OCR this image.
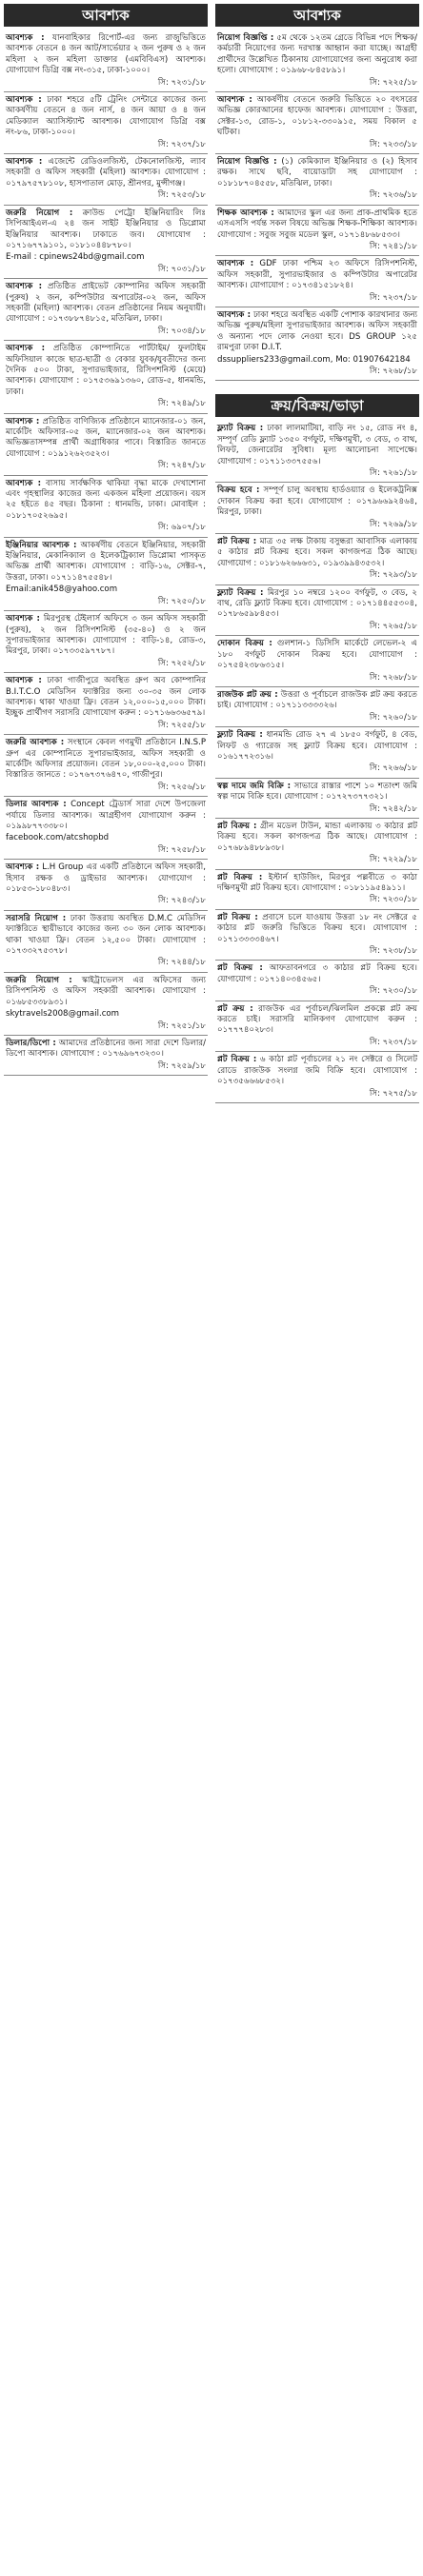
আবশ্যক
আবশ্যক : যানবাহিকার রিপোর্ট-এর জন্য রাজুভিত্তিতে আবশ্যক বেতনে ৪ জন আট/সার্ভেয়ার ২ জন পুরুষ ও ২ জন মহিলা ২ জন মহিলা ডাক্তার (এমবিবিএস) আবশ্যক। যোগাযোগ ডিগ্রি বক্স নং-৩১৫, ঢাকা-১০০০।
সি: ৭২৩১/১৮
আবশ্যক : ঢাকা শহরে ৫টি ট্রেনিং সেন্টারে কাজের জন্য আকর্ষণীয় বেতনে ৪ জন নার্স, ৪ জন আয়া ও ৪ জন মেডিক্যাল অ্যাসিস্ট্যান্ট আবশ্যক। যোগাযোগ ডিগ্রি বক্স নং-৮৬, ঢাকা-১০০০।
সি: ৭২৩৭/১৮
আবশ্যক : এজেন্টে রেডিওলজিস্ট, টেকনোলজিস্ট, ল্যাব সহকারী ও অফিস সহকারী (মহিলা) আবশ্যক। যোগাযোগ : ০১৭৯৭৫৭৮১০৮, হাসপাতাল মোড়, শ্রীনগর, মুন্সীগঞ্জ।
সি: ৭২৫৩/১৮
জরুরি নিয়োগ : ক্রাউন্ড পেট্রো ইঞ্জিনিয়ারিং লিঃ সিপিআইএল-এ ২৪ জন সাইট ইঞ্জিনিয়ার ও ডিপ্লোমা ইঞ্জিনিয়ার আবশ্যক। ঢাকাতে জব। যোগাযোগ : ০১৭১৬৭৭৯১০১, ০১৮১০৪৪৮৭৮০।
E-mail : cpinews24bd@gmail.com
সি: ৭০৩১/১৮
আবশ্যক : প্রতিষ্ঠিত প্রাইভেট কোম্পানির অফিস সহকারী (পুরুষ) ২ জন, কম্পিউটার অপারেটর-০২ জন, অফিস সহকারী (মহিলা) আবশ্যক। বেতন প্রতিষ্ঠানের নিয়ম অনুযায়ী। যোগাযোগ : ০১৭৩৮৮৭৪৮১৫, মতিঝিল, ঢাকা।
সি: ৭০৩৪/১৮
আবশ্যক : প্রতিষ্ঠিত কোম্পানিতে পার্টটাইম/ ফুলটাইম অফিসিয়াল কাজে ছাত্র-ছাত্রী ও বেকার যুবক/যুবতীদের জন্য দৈনিক ৫০০ টাকা, সুপারভাইজার, রিসিপশনিস্ট (মেয়ে) আবশ্যক। যোগাযোগ : ০১৭৫৩৬৯১৩৬০, রোড-৫, ধানমন্ডি, ঢাকা।
সি: ৭২৪৯/১৮
আবশ্যক : প্রতিষ্ঠিত বাণিজ্যিক প্রতিষ্ঠানে ম্যানেজার-০১ জন, মার্কেটিং অফিসার-০৫ জন, ম্যানেজার-০২ জন আবশ্যক। অভিজ্ঞতাসম্পন্ন প্রার্থী অগ্রাধিকার পাবে। বিস্তারিত জানতে যোগাযোগ : ০১৯১২৬২৩৫২৩।
সি: ৭২৪৭/১৮
আবশ্যক : বাসায় সার্বক্ষণিক থাকিয়া বৃদ্ধা মাকে দেখাশোনা এবং গৃহস্থালির কাজের জন্য একজন মহিলা প্রয়োজন। বয়স ২৫ হইতে ৪৫ বছর। ঠিকানা : ধানমন্ডি, ঢাকা। মোবাইল : ০১৮১৭০৫২৬৯৫।
সি: ৬৯০৭/১৮
ইঞ্জিনিয়ার আবশ্যক : আকর্ষণীয় বেতনে ইঞ্জিনিয়ার, সহকারী ইঞ্জিনিয়ার, মেকানিক্যাল ও ইলেকট্রিক্যাল ডিপ্লোমা পাসকৃত অভিজ্ঞ প্রার্থী আবশ্যক। যোগাযোগ : বাড়ি-১৬, সেক্টর-৭, উত্তরা, ঢাকা। ০১৭১১৪৭৫৫৪৮।
Email:anik458@yahoo.com
সি: ৭২৫০/১৮
আবশ্যক : মিরপুরস্থ টেইলার্স অফিসে ৩ জন অফিস সহকারী (পুরুষ), ২ জন রিসিপশনিস্ট (৩৫-৪০) ও ২ জন সুপারভাইজার আবশ্যক। যোগাযোগ : বাড়ি-১৪, রোড-৩, মিরপুর, ঢাকা। ০১৭৩৩৫৯৭৭৮৭।
সি: ৭২৫২/১৮
আবশ্যক : ঢাকা গাজীপুরে অবস্থিত গ্রুপ অব কোম্পানির B.I.T.C.O মেডিসিন ফ্যাক্টরির জন্য ৩০-৩৫ জন লোক আবশ্যক। থাকা খাওয়া ফ্রি। বেতন ১২,০০০-১৫,০০০ টাকা। ইচ্ছুক প্রার্থীগণ সরাসরি যোগাযোগ করুন : ০১৭১৬৬৩৬৫৭৯।
সি: ৭২৫৫/১৮
জরুরি আবশ্যক : সংস্থানে কেবল গণমুখী প্রতিষ্ঠানে I.N.S.P গ্রুপ এর কোম্পানিতে সুপারভাইজার, অফিস সহকারী ও মার্কেটিং অফিসার প্রয়োজন। বেতন ১৮,০০০-২৫,০০০ টাকা। বিস্তারিত জানতে : ০১৭৬৭৩৭৬৪৭০, গাজীপুর।
সি: ৭২৫৬/১৮
ডিলার আবশ্যক : Concept ট্রেডার্স সারা দেশে উপজেলা পর্যায়ে ডিলার আবশ্যক। আগ্রহীগণ যোগাযোগ করুন : ০১৯৯৮৭৭৩৩৮০।
facebook.com/atcshopbd
সি: ৭২৫৮/১৮
আবশ্যক : L.H Group এর একটি প্রতিষ্ঠানে অফিস সহকারী, হিসাব রক্ষক ও ড্রাইভার আবশ্যক। যোগাযোগ : ০১৮৫৩-১৮০৪৮৩।
সি: ৭২৪৩/১৮
সরাসরি নিয়োগ : ঢাকা উত্তরায় অবস্থিত D.M.C মেডিসিন ফ্যাক্টরিতে স্থায়ীভাবে কাজের জন্য ৩০ জন লোক আবশ্যক। থাকা খাওয়া ফ্রি। বেতন ১২,৫০০ টাকা। যোগাযোগ : ০১৭৩৩২৭৫৩৭৮।
সি: ৭২৪৪/১৮
জরুরি নিয়োগ : স্কাইট্রাভেলস এর অফিসের জন্য রিসিপশনিস্ট ও অফিস সহকারী আবশ্যক। যোগাযোগ : ০১৬৮৫৩৩৮৯৩১।
skytravels2008@gmail.com
সি: ৭২৫১/১৮
ডিলার/ডিপো : আমাদের প্রতিষ্ঠানের জন্য সারা দেশে ডিলার/ডিপো আবশ্যক। যোগাযোগ : ০১৭৬৯৬৭৩২৩০।
সি: ৭২৫৯/১৮
আবশ্যক
নিয়োগ বিজ্ঞপ্তি : ৫ম থেকে ১২তম গ্রেডে বিভিন্ন পদে শিক্ষক/কর্মচারী নিয়োগের জন্য দরখাস্ত আহ্বান করা যাচ্ছে। আগ্রহী প্রার্থীদের উল্লেখিত ঠিকানায় যোগাযোগের জন্য অনুরোধ করা হলো। যোগাযোগ : ০১৯৬৮-৮৪৫৮৯১।
সি: ৭২২৫/১৮
আবশ্যক : আকর্ষণীয় বেতনে জরুরি ভিত্তিতে ২০ বৎসরের অভিজ্ঞ কোরআনের হাফেজ আবশ্যক। যোগাযোগ : উত্তরা, সেক্টর-১৩, রোড-১, ০১৮১২-৩৩০৯১৫, সময় বিকাল ৫ ঘটিকা।
সি: ৭২৩৩/১৮
নিয়োগ বিজ্ঞপ্তি : (১) কেমিক্যাল ইঞ্জিনিয়ার ও (২) হিসাব রক্ষক। সাথে ছবি, বায়োডাটা সহ যোগাযোগ : ০১৮১৮৭০৪৫৫৮, মতিঝিল, ঢাকা।
সি: ৭২৩৬/১৮
শিক্ষক আবশ্যক : আমাদের স্কুল এর জন্য প্রাক-প্রাথমিক হতে এসএসসি পর্যন্ত সকল বিষয়ে অভিজ্ঞ শিক্ষক-শিক্ষিকা আবশ্যক। যোগাযোগ : সবুজ সবুজ মডেল স্কুল, ০১৭১৪৮৬৮৫৩৩।
সি: ৭২৪১/১৮
আবশ্যক : GDF ঢাকা পশ্চিম ২৩ অফিসে রিসিপশনিস্ট, অফিস সহকারী, সুপারভাইজার ও কম্পিউটার অপারেটর আবশ্যক। যোগাযোগ : ০১৭৩৪১৫১৮২৪।
সি: ৭২৩৭/১৮
আবশ্যক : ঢাকা শহরে অবস্থিত একটি পোশাক কারখানার জন্য অভিজ্ঞ পুরুষ/মহিলা সুপারভাইজার আবশ্যক। অফিস সহকারী ও অন্যান্য পদে লোক নেওয়া হবে। DS GROUP ১২৫ রামপুরা ঢাকা D.I.T.
dssuppliers233@gmail.com, Mo: 01907642184
সি: ৭২৬৮/১৮
ক্রয়/বিক্রয়/ভাড়া
ফ্ল্যাট বিক্রয় : ঢাকা লালমাটিয়া, বাড়ি নং ১৫, রোড নং ৪, সম্পূর্ণ রেডি ফ্ল্যাট ১৩৫০ বর্গফুট, দক্ষিণমুখী, ৩ বেড, ৩ বাথ, লিফট, জেনারেটর সুবিধা। মূল্য আলোচনা সাপেক্ষে। যোগাযোগ : ০১৭১১৩৩৭৫৫৬।
সি: ৭২৬১/১৮
বিক্রয় হবে : সম্পূর্ণ চালু অবস্থায় হার্ডওয়্যার ও ইলেকট্রনিক্স দোকান বিক্রয় করা হবে। যোগাযোগ : ০১৭৯৬৬৯২৪৬৪, মিরপুর, ঢাকা।
সি: ৭২৬৯/১৮
প্লট বিক্রয় : মাত্র ৩৫ লক্ষ টাকায় বসুন্ধরা আবাসিক এলাকায় ৫ কাঠার প্লট বিক্রয় হবে। সকল কাগজপত্র ঠিক আছে। যোগাযোগ : ০১৮১৬২৬৬৬৩১, ০১৯৩৯৯৪৩৫৩২।
সি: ৭২৯৩/১৮
ফ্ল্যাট বিক্রয় : মিরপুর ১০ নম্বরে ১২০০ বর্গফুট, ৩ বেড, ২ বাথ, রেডি ফ্ল্যাট বিক্রয় হবে। যোগাযোগ : ০১৭১৪৪৫৫৩০৪, ০১৭৮৬৫৯৮৪৫৩।
সি: ৭২৬৫/১৮
দোকান বিক্রয় : গুলশান-১ ডিসিসি মার্কেটে লেভেল-২ এ ১৮০ বর্গফুট দোকান বিক্রয় হবে। যোগাযোগ : ০১৭৫৪২৩৮৬৩১৫।
সি: ৭২৬৮/১৮
রাজউক প্লট ক্রয় : উত্তরা ও পূর্বাচলে রাজউক প্লট ক্রয় করতে চাই। যোগাযোগ : ০১৭১১৩৩৩৩২৬।
সি: ৭২৬০/১৮
ফ্ল্যাট বিক্রয় : ধানমন্ডি রোড ২৭ এ ১৮৫০ বর্গফুট, ৪ বেড, লিফট ও গ্যারেজ সহ ফ্ল্যাট বিক্রয় হবে। যোগাযোগ : ০১৬১৭৭২৩১৬।
সি: ৭২৬৬/১৮
স্বল্প দামে জমি বিক্রি : সাভারে রাস্তার পাশে ১০ শতাংশ জমি স্বল্প দামে বিক্রি হবে। যোগাযোগ : ০১৭২৭৩৭৭৩২১।
সি: ৭২৪২/১৮
প্লট বিক্রয় : গ্রীন মডেল টাউন, মান্ডা এলাকায় ৩ কাঠার প্লট বিক্রয় হবে। সকল কাগজপত্র ঠিক আছে। যোগাযোগ : ০১৭৬৮৯৪৮৮৯৩৮।
সি: ৭২২৯/১৮
প্লট বিক্রয় : ইস্টার্ন হাউজিং, মিরপুর পল্লবীতে ৩ কাঠা দক্ষিণমুখী প্লট বিক্রয় হবে। যোগাযোগ : ০১৮১১৯৫৪৯১১।
সি: ৭২৩০/১৮
প্লট বিক্রয় : প্রবাসে চলে যাওয়ায় উত্তরা ১৮ নং সেক্টরে ৫ কাঠার প্লট জরুরি ভিত্তিতে বিক্রয় হবে। যোগাযোগ : ০১৭১৩৩৩৩৪৬৭।
সি: ৭২৩৮/১৮
প্লট বিক্রয় : আফতাবনগরে ৩ কাঠার প্লট বিক্রয় হবে। যোগাযোগ : ০১৭১৪০৩৪৫৬৫।
সি: ৭২৩০/১৮
প্লট ক্রয় : রাজউক এর পূর্বাচল/ঝিলমিল প্রকল্পে প্লট ক্রয় করতে চাই। সরাসরি মালিকগণ যোগাযোগ করুন : ০১৭৭৭৪০২৮৩।
সি: ৭২৩৭/১৮
প্লট বিক্রয় : ৬ কাঠা প্লট পূর্বাচলের ২১ নং সেক্টরে ও সিলেট রোডে রাজউক সংলগ্ন জমি বিক্রি হবে। যোগাযোগ : ০১৭৩৫৬৬৬৮৫৩২।
সি: ৭২৭৫/১৮
